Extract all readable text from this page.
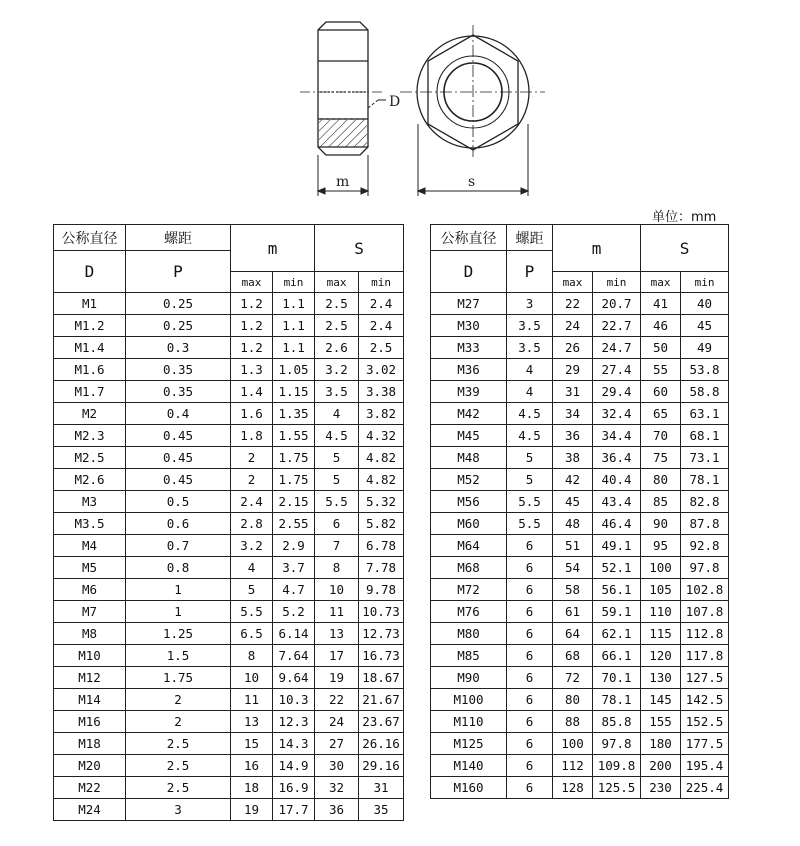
D
m	s
单位：mm
公称直径	螺距	m		S	
D	P				
		max	min	max	min
M1	0.25	1.2	1.1	2.5	2.4
M1.2	0.25	1.2	1.1	2.5	2.4
M1.4	0.3	1.2	1.1	2.6	2.5
M1.6	0.35	1.3	1.05	3.2	3.02
M1.7	0.35	1.4	1.15	3.5	3.38
M2	0.4	1.6	1.35	4	3.82
M2.3	0.45	1.8	1.55	4.5	4.32
M2.5	0.45	2	1.75	5	4.82
M2.6	0.45	2	1.75	5	4.82
M3	0.5	2.4	2.15	5.5	5.32
M3.5	0.6	2.8	2.55	6	5.82
M4	0.7	3.2	2.9	7	6.78
M5	0.8	4	3.7	8	7.78
M6	1	5	4.7	10	9.78
M7	1	5.5	5.2	11	10.73
M8	1.25	6.5	6.14	13	12.73
M10	1.5	8	7.64	17	16.73
M12	1.75	10	9.64	19	18.67
M14	2	11	10.3	22	21.67
M16	2	13	12.3	24	23.67
M18	2.5	15	14.3	27	26.16
M20	2.5	16	14.9	30	29.16
M22	2.5	18	16.9	32	31
M24	3	19	17.7	36	35
公称直径	螺距	m		S	
D	P				
		max	min	max	min
M27	3	22	20.7	41	40
M30	3.5	24	22.7	46	45
M33	3.5	26	24.7	50	49
M36	4	29	27.4	55	53.8
M39	4	31	29.4	60	58.8
M42	4.5	34	32.4	65	63.1
M45	4.5	36	34.4	70	68.1
M48	5	38	36.4	75	73.1
M52	5	42	40.4	80	78.1
M56	5.5	45	43.4	85	82.8
M60	5.5	48	46.4	90	87.8
M64	6	51	49.1	95	92.8
M68	6	54	52.1	100	97.8
M72	6	58	56.1	105	102.8
M76	6	61	59.1	110	107.8
M80	6	64	62.1	115	112.8
M85	6	68	66.1	120	117.8
M90	6	72	70.1	130	127.5
M100	6	80	78.1	145	142.5
M110	6	88	85.8	155	152.5
M125	6	100	97.8	180	177.5
M140	6	112	109.8	200	195.4
M160	6	128	125.5	230	225.4
